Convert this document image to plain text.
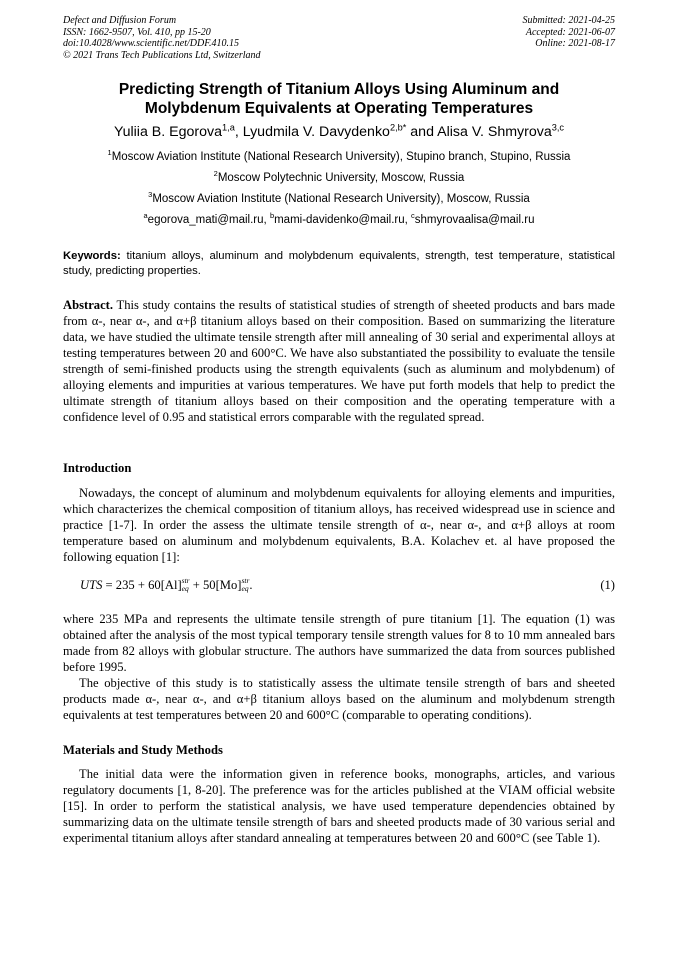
Defect and Diffusion Forum
ISSN: 1662-9507, Vol. 410, pp 15-20
doi:10.4028/www.scientific.net/DDF.410.15
© 2021 Trans Tech Publications Ltd, Switzerland
Submitted: 2021-04-25
Accepted: 2021-06-07
Online: 2021-08-17
Predicting Strength of Titanium Alloys Using Aluminum and
Molybdenum Equivalents at Operating Temperatures
Yuliia B. Egorova$^{1,a}$, Lyudmila V. Davydenko$^{2,b*}$ and Alisa V. Shmyrova$^{3,c}$
$^1$Moscow Aviation Institute (National Research University), Stupino branch, Stupino, Russia
$^2$Moscow Polytechnic University, Moscow, Russia
$^3$Moscow Aviation Institute (National Research University), Moscow, Russia
$^a$egorova_mati@mail.ru, $^b$mami-davidenko@mail.ru, $^c$shmyrovaalisa@mail.ru
Keywords: titanium alloys, aluminum and molybdenum equivalents, strength, test temperature, statistical study, predicting properties.
Abstract. This study contains the results of statistical studies of strength of sheeted products and bars made from α-, near α-, and α+β titanium alloys based on their composition. Based on summarizing the literature data, we have studied the ultimate tensile strength after mill annealing of 30 serial and experimental alloys at testing temperatures between 20 and 600°C. We have also substantiated the possibility to evaluate the tensile strength of semi-finished products using the strength equivalents (such as aluminum and molybdenum) of alloying elements and impurities at various temperatures. We have put forth models that help to predict the ultimate strength of titanium alloys based on their composition and the operating temperature with a confidence level of 0.95 and statistical errors comparable with the regulated spread.
Introduction
Nowadays, the concept of aluminum and molybdenum equivalents for alloying elements and impurities, which characterizes the chemical composition of titanium alloys, has received widespread use in science and practice [1-7]. In order the assess the ultimate tensile strength of α-, near α-, and α+β alloys at room temperature based on aluminum and molybdenum equivalents, B.A. Kolachev et. al have proposed the following equation [1]:
UTS = 235 + 60[Al]str
eq + 50[Mo]str
eq.	(1)
where 235 MPa and represents the ultimate tensile strength of pure titanium [1]. The equation (1) was obtained after the analysis of the most typical temporary tensile strength values for 8 to 10 mm annealed bars made from 82 alloys with globular structure. The authors have summarized the data from sources published before 1995.
The objective of this study is to statistically assess the ultimate tensile strength of bars and sheeted products made α-, near α-, and α+β titanium alloys based on the aluminum and molybdenum strength equivalents at test temperatures between 20 and 600°C (comparable to operating conditions).
Materials and Study Methods
The initial data were the information given in reference books, monographs, articles, and various regulatory documents [1, 8-20]. The preference was for the articles published at the VIAM official website [15]. In order to perform the statistical analysis, we have used temperature dependencies obtained by summarizing data on the ultimate tensile strength of bars and sheeted products made of 30 various serial and experimental titanium alloys after standard annealing at temperatures between 20 and 600°C (see Table 1).
